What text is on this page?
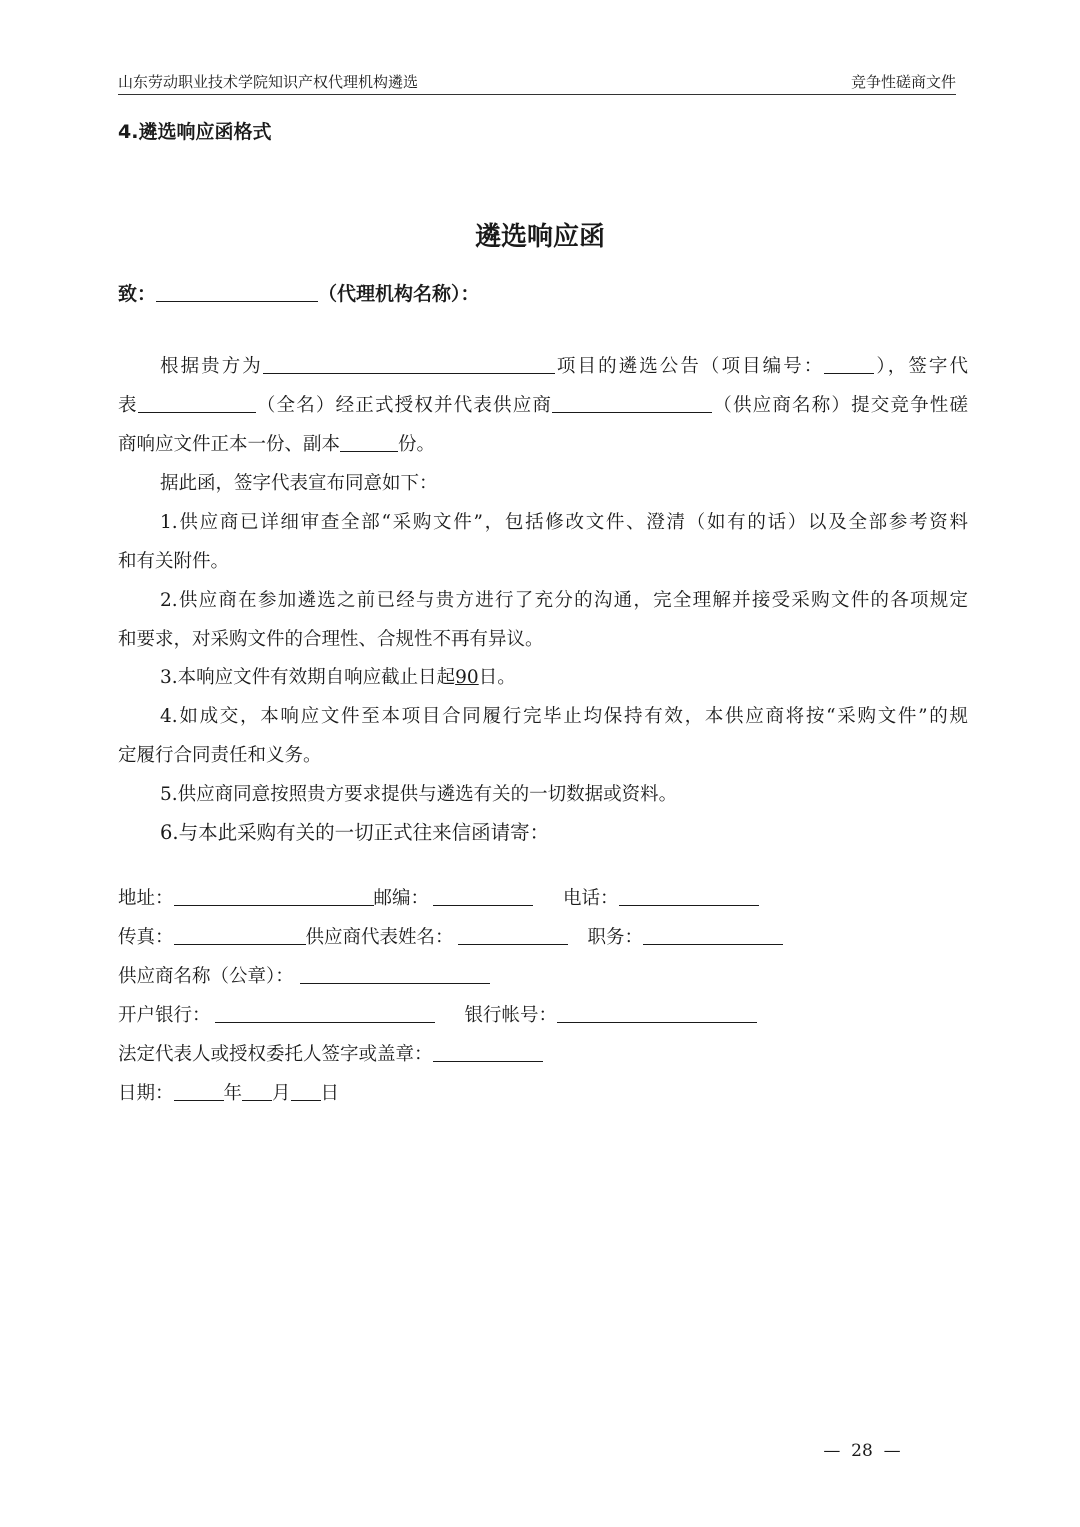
山东劳动职业技术学院知识产权代理机构遴选	竞争性磋商文件
4.遴选响应函格式
遴选响应函
致：	（代理机构名称）：
根据贵方为	项目的遴选公告（项目编号：	），签字代
表	（全名）经正式授权并代表供应商	（供应商名称）提交竞争性磋
商响应文件正本一份、副本	份。
据此函，签字代表宣布同意如下：
1.供应商已详细审查全部“采购文件”，包括修改文件、澄清（如有的话）以及全部参考资料
和有关附件。
2.供应商在参加遴选之前已经与贵方进行了充分的沟通，完全理解并接受采购文件的各项规定
和要求，对采购文件的合理性、合规性不再有异议。
3.本响应文件有效期自响应截止日起90日。
4.如成交，本响应文件至本项目合同履行完毕止均保持有效，本供应商将按“采购文件”的规
定履行合同责任和义务。
5.供应商同意按照贵方要求提供与遴选有关的一切数据或资料。
6.与本此采购有关的一切正式往来信函请寄：
地址：	邮编：	电话：
传真：	供应商代表姓名：	职务：
供应商名称（公章）：
开户银行：	银行帐号：
法定代表人或授权委托人签字或盖章：
日期：	年 月 日
— 28 —
